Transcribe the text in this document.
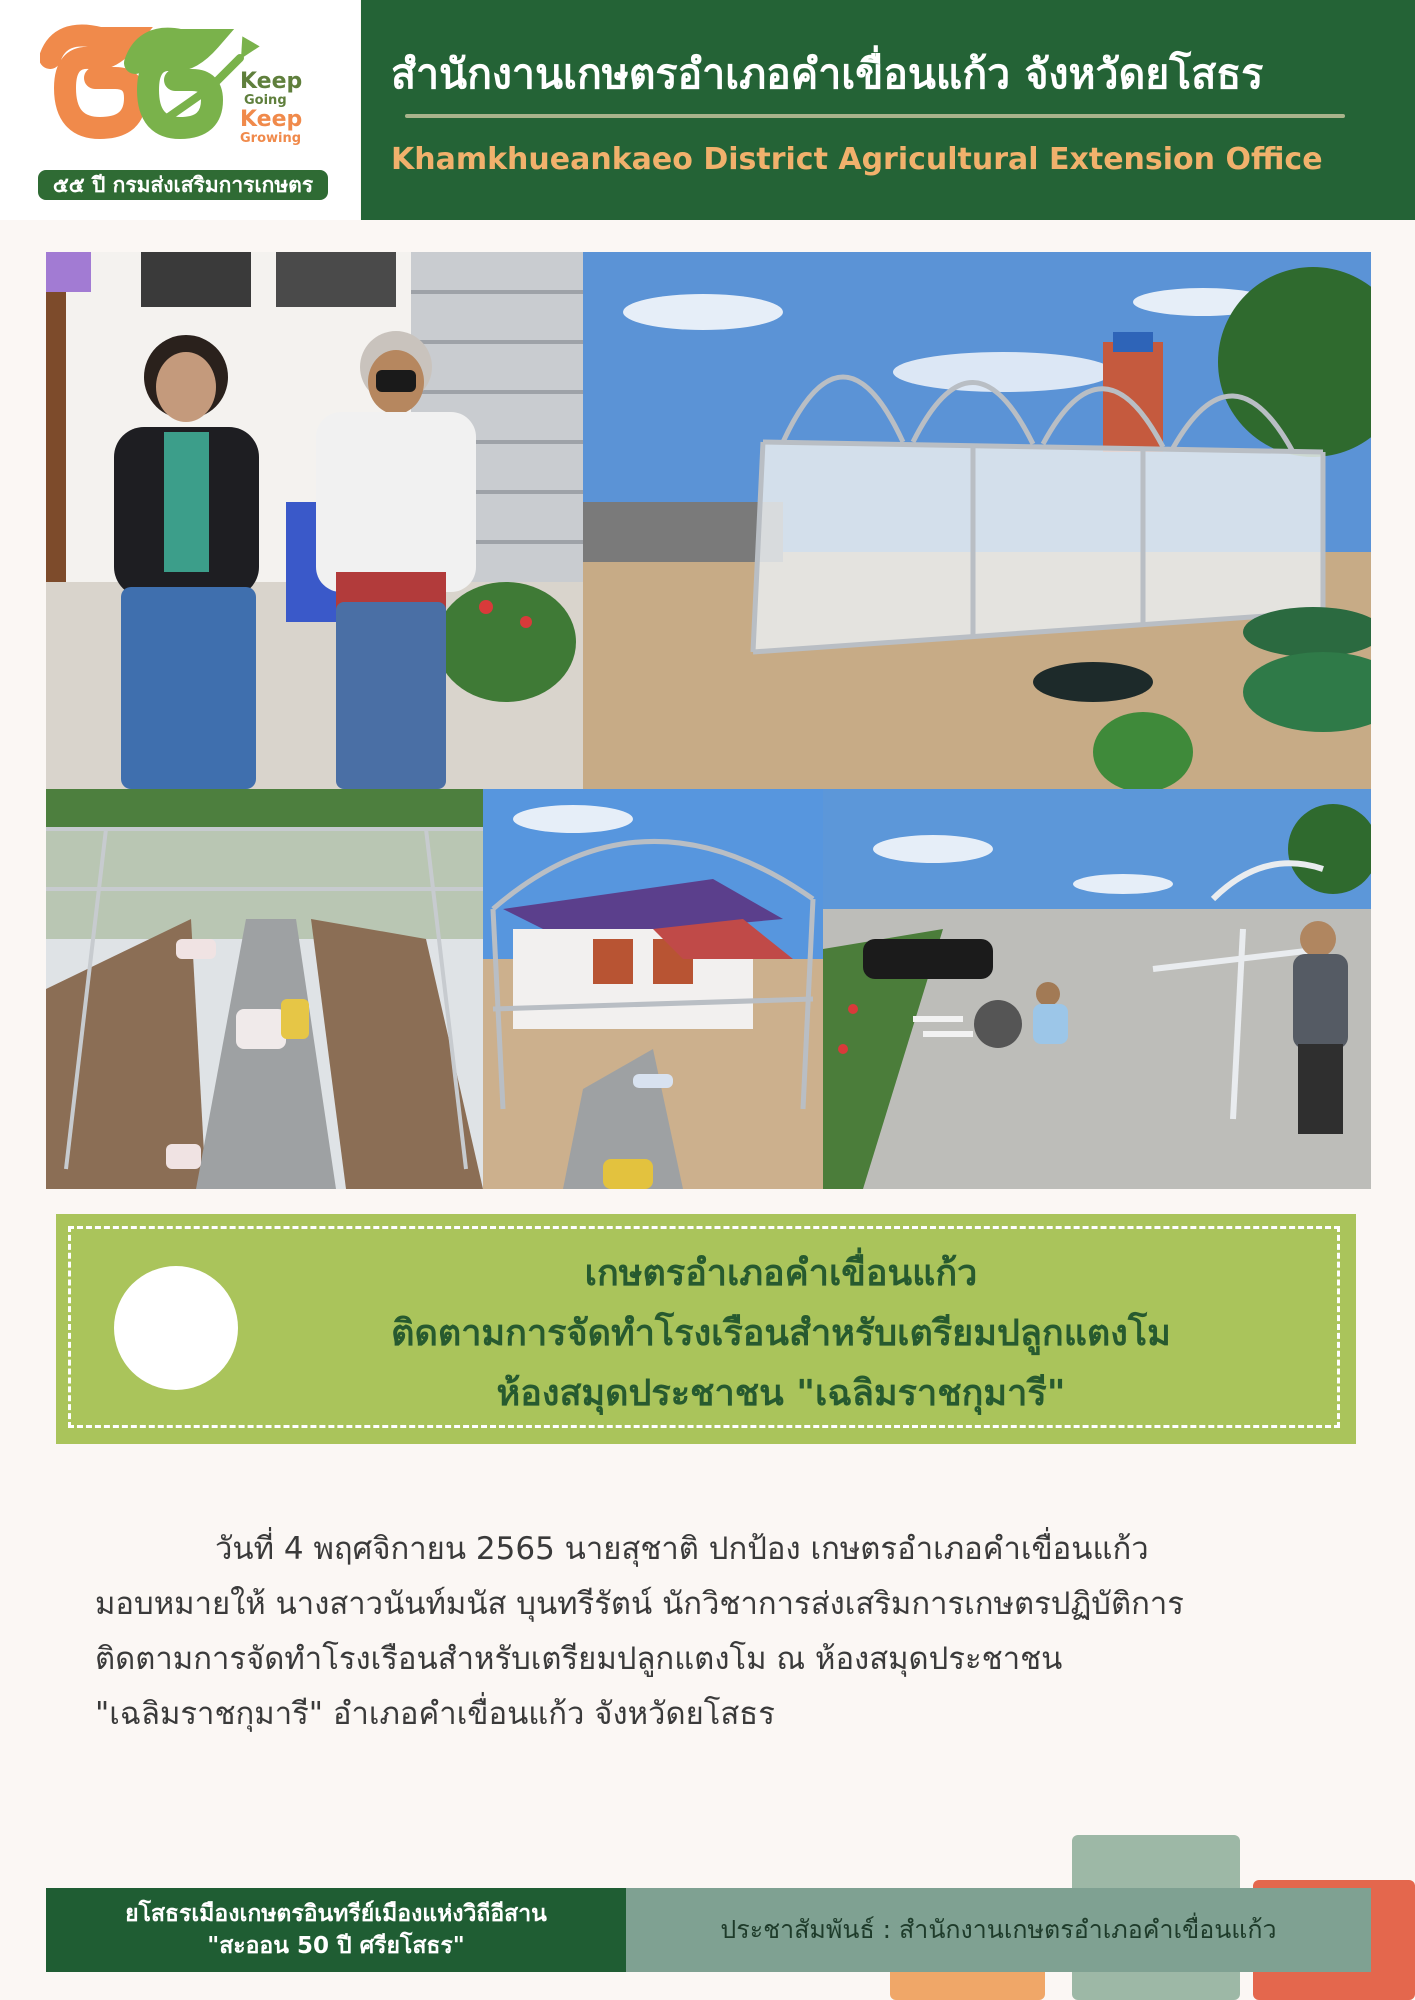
Keep
Going
Keep
Growing
๕๕ ปี กรมส่งเสริมการเกษตร
สำนักงานเกษตรอำเภอคำเขื่อนแก้ว จังหวัดยโสธร
Khamkhueankaeo District Agricultural Extension Office
เกษตรอำเภอคำเขื่อนแก้ว
ติดตามการจัดทำโรงเรือนสำหรับเตรียมปลูกแตงโม
ห้องสมุดประชาชน "เฉลิมราชกุมารี"
วันที่ 4 พฤศจิกายน 2565 นายสุชาติ ปกป้อง เกษตรอำเภอคำเขื่อนแก้ว
มอบหมายให้ นางสาวนันท์มนัส บุนทรีรัตน์ นักวิชาการส่งเสริมการเกษตรปฏิบัติการ
ติดตามการจัดทำโรงเรือนสำหรับเตรียมปลูกแตงโม ณ ห้องสมุดประชาชน
"เฉลิมราชกุมารี" อำเภอคำเขื่อนแก้ว จังหวัดยโสธร
ยโสธรเมืองเกษตรอินทรีย์เมืองแห่งวิถีอีสาน
"สะออน 50 ปี ศรียโสธร"
ประชาสัมพันธ์ : สำนักงานเกษตรอำเภอคำเขื่อนแก้ว
